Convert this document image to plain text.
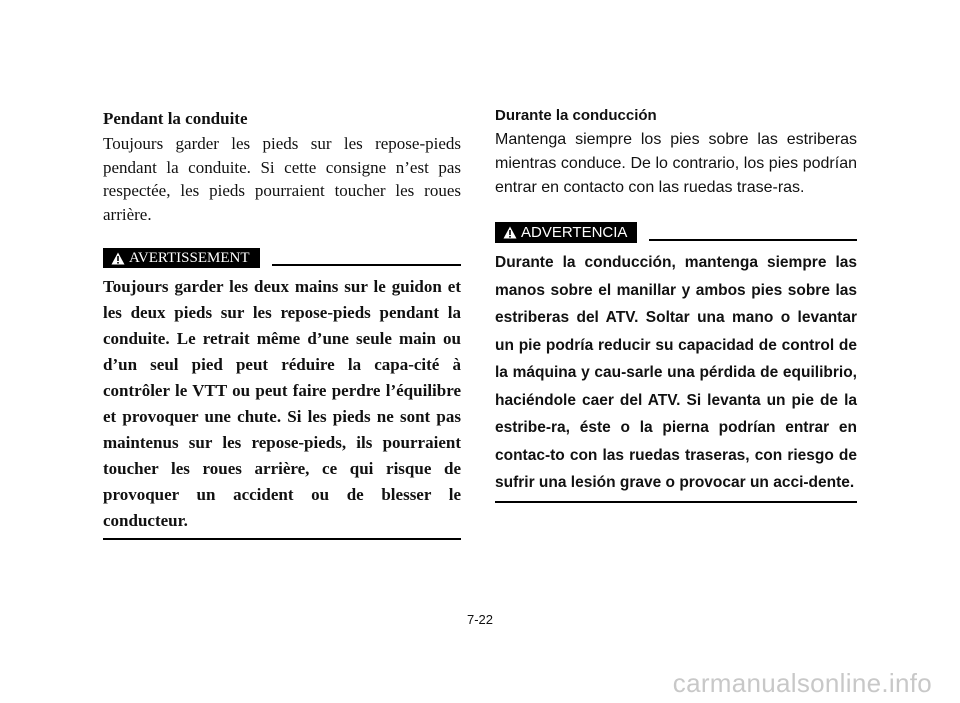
Pendant la conduite

Toujours garder les pieds sur les repose-pieds pendant la conduite. Si cette consigne n’est pas respectée, les pieds pourraient toucher les roues arrière.

AVERTISSEMENT

Toujours garder les deux mains sur le guidon et les deux pieds sur les repose-pieds pendant la conduite. Le retrait même d’une seule main ou d’un seul pied peut réduire la capa-cité à contrôler le VTT ou peut faire perdre l’équilibre et provoquer une chute. Si les pieds ne sont pas maintenus sur les repose-pieds, ils pourraient toucher les roues arrière, ce qui risque de provoquer un accident ou de blesser le conducteur.

Durante la conducción

Mantenga siempre los pies sobre las estriberas mientras conduce. De lo contrario, los pies podrían entrar en contacto con las ruedas trase-ras.

ADVERTENCIA

Durante la conducción, mantenga siempre las manos sobre el manillar y ambos pies sobre las estriberas del ATV. Soltar una mano o levantar un pie podría reducir su capacidad de control de la máquina y cau-sarle una pérdida de equilibrio, haciéndole caer del ATV. Si levanta un pie de la estribe-ra, éste o la pierna podrían entrar en contac-to con las ruedas traseras, con riesgo de sufrir una lesión grave o provocar un acci-dente.

7-22
carmanualsonline.info
